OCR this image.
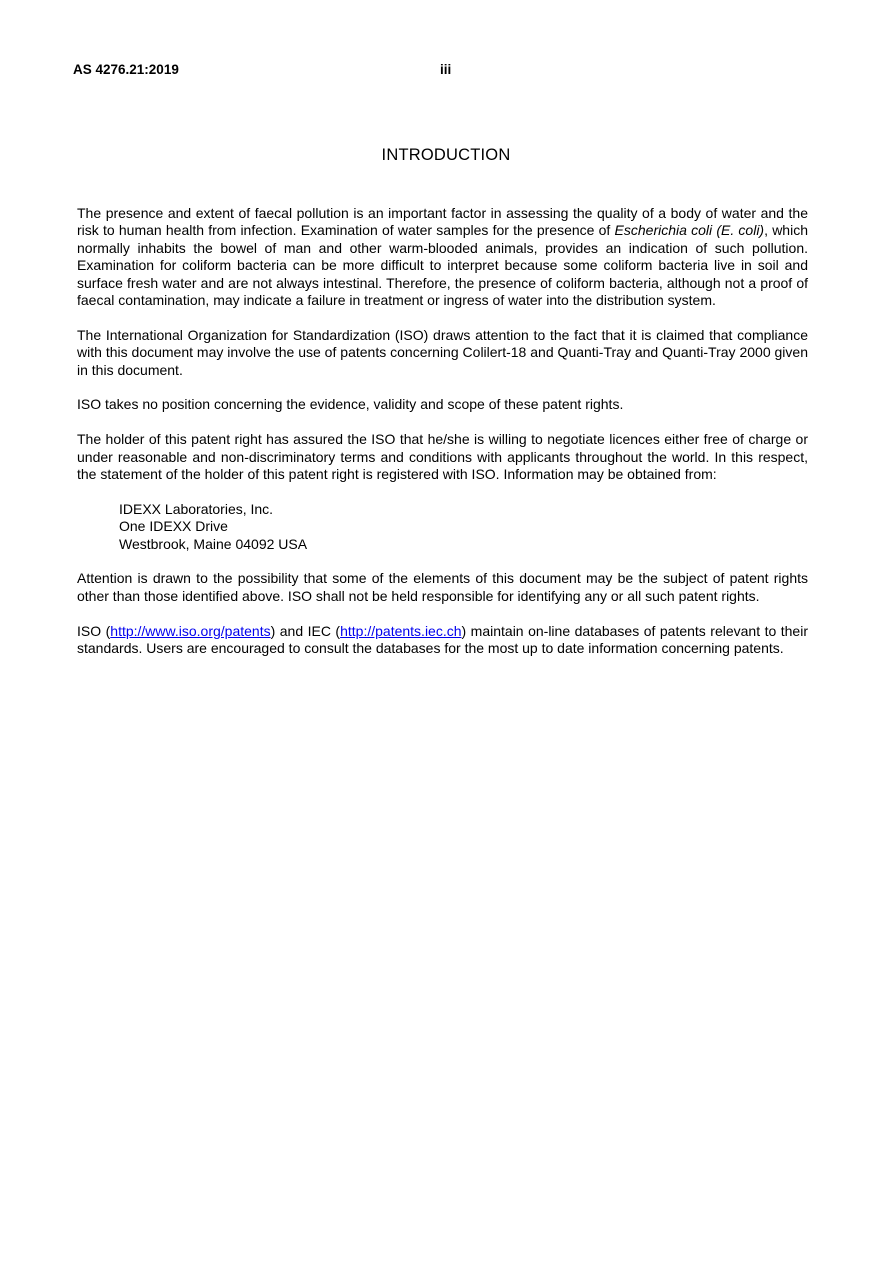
AS 4276.21:2019	iii
INTRODUCTION

The presence and extent of faecal pollution is an important factor in assessing the quality of a body of water and the risk to human health from infection. Examination of water samples for the presence of Escherichia coli (E. coli), which normally inhabits the bowel of man and other warm-blooded animals, provides an indication of such pollution. Examination for coliform bacteria can be more difficult to interpret because some coliform bacteria live in soil and surface fresh water and are not always intestinal. Therefore, the presence of coliform bacteria, although not a proof of faecal contamination, may indicate a failure in treatment or ingress of water into the distribution system.

The International Organization for Standardization (ISO) draws attention to the fact that it is claimed that compliance with this document may involve the use of patents concerning Colilert-18 and Quanti-Tray and Quanti-Tray 2000 given in this document.

ISO takes no position concerning the evidence, validity and scope of these patent rights.

The holder of this patent right has assured the ISO that he/she is willing to negotiate licences either free of charge or under reasonable and non-discriminatory terms and conditions with applicants throughout the world. In this respect, the statement of the holder of this patent right is registered with ISO. Information may be obtained from:

IDEXX Laboratories, Inc.
One IDEXX Drive
Westbrook, Maine 04092 USA

Attention is drawn to the possibility that some of the elements of this document may be the subject of patent rights other than those identified above. ISO shall not be held responsible for identifying any or all such patent rights.

ISO (http://www.iso.org/patents) and IEC (http://patents.iec.ch) maintain on-line databases of patents relevant to their standards. Users are encouraged to consult the databases for the most up to date information concerning patents.
